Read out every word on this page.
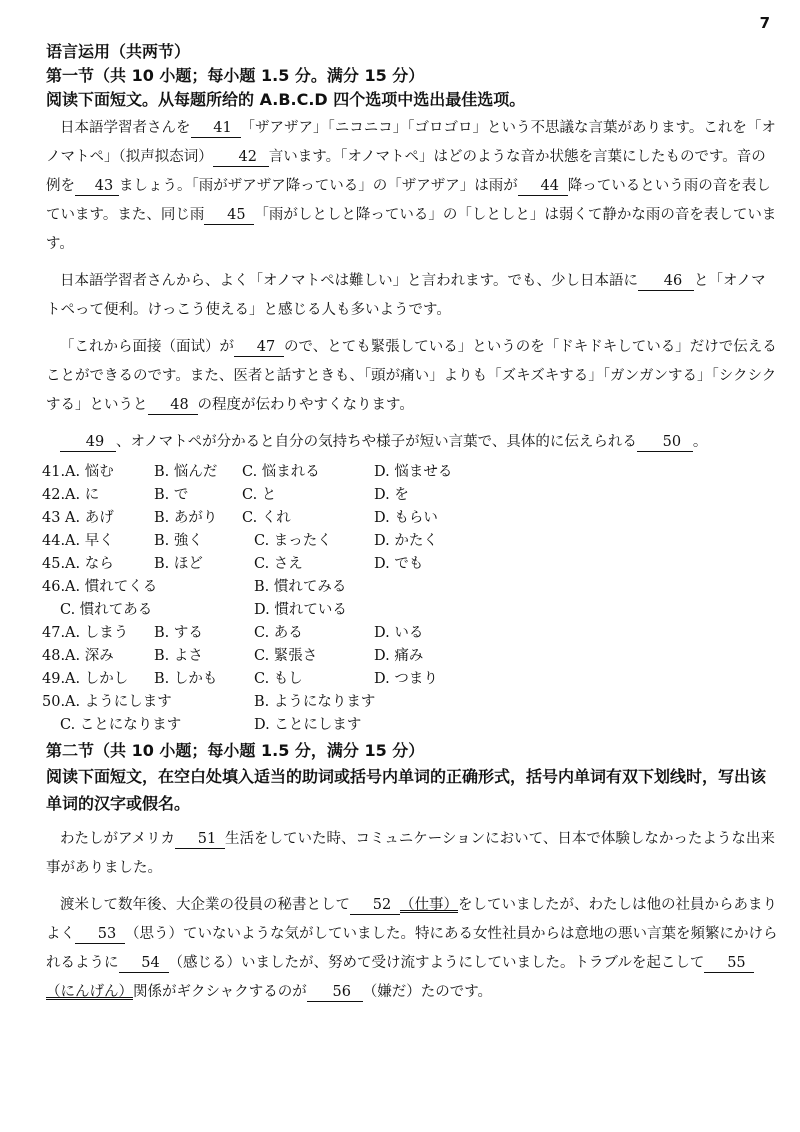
7
语言运用（共两节）
第一节（共 10 小题；每小题 1.5 分。满分 15 分）
阅读下面短文。从每题所给的 A.B.C.D 四个选项中选出最佳选项。
日本語学習者さんを 41 「ザアザア」「ニコニコ」「ゴロゴロ」という不思議な言葉があります。これを「オノマトペ」（拟声拟态词） 42 言います。「オノマトペ」はどのような音か状態を言葉にしたものです。音の例を 43 ましょう。「雨がザアザア降っている」の「ザアザア」は雨が 44 降っているという雨の音を表しています。また、同じ雨 45 「雨がしとしと降っている」の「しとしと」は弱くて静かな雨の音を表しています。
日本語学習者さんから、よく「オノマトペは難しい」と言われます。でも、少し日本語に 46 と「オノマトペって便利。けっこう使える」と感じる人も多いようです。
「これから面接（面试）が 47 ので、とても緊張している」というのを「ドキドキしている」だけで伝えることができるのです。また、医者と話すときも、「頭が痛い」よりも「ズキズキする」「ガンガンする」「シクシクする」というと 48 の程度が伝わりやすくなります。
49 、オノマトペが分かると自分の気持ちや様子が短い言葉で、具体的に伝えられる 50 。
41.A. 悩む	B. 悩んだ C. 悩まれる	D. 悩ませる
42.A. に	B. で	C. と	D. を
43 A. あげ	B. あがり C. くれ	D. もらい
44.A. 早く	B. 強く	C. まったく	D. かたく
45.A. なら	B. ほど	C. さえ	D. でも
46.A. 慣れてくる	B. 慣れてみる
C. 慣れてある	D. 慣れている
47.A. しまう B. する	C. ある	D. いる
48.A. 深み	B. よさ	C. 緊張さ	D. 痛み
49.A. しかし B. しかも	C. もし	D. つまり
50.A. ようにします	B. ようになります
C. ことになります	D. ことにします
第二节（共 10 小题；每小题 1.5 分，满分 15 分）
阅读下面短文，在空白处填入适当的助词或括号内单词的正确形式，括号内单词有双下划线时，写出该单词的汉字或假名。
わたしがアメリカ 51 生活をしていた時、コミュニケーションにおいて、日本で体験しなかったような出来事がありました。
渡米して数年後、大企業の役員の秘書として 52 （仕事）をしていましたが、わたしは他の社員からあまりよく 53 （思う）ていないような気がしていました。特にある女性社員からは意地の悪い言葉を頻繁にかけられるように 54 （感じる）いましたが、努めて受け流すようにしていました。トラブルを起こして 55（にんげん）関係がギクシャクするのが 56 （嫌だ）たのです。
